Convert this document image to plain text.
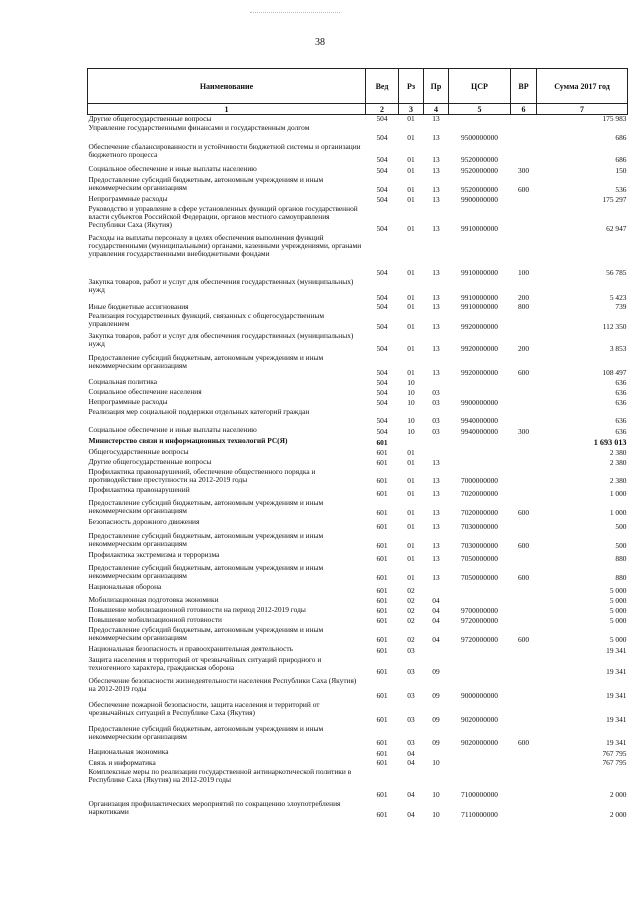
38
Наименование	Вед	Рз	Пр	ЦСР	ВР	Сумма 2017 год
1	2	3	4	5	6	7
Другие общегосударственные вопросы	504	01	13			175 983
Управление государственными финансами и государственным долгом	504	01	13	9500000000		686
Обеспечение сбалансированности и устойчивости бюджетной системы и организации бюджетного процесса	504	01	13	9520000000		686
Социальное обеспечение и иные выплаты населению	504	01	13	9520000000	300	150
Предоставление субсидий бюджетным, автономным учреждениям и иным некоммерческим организациям	504	01	13	9520000000	600	536
Непрограммные расходы	504	01	13	9900000000		175 297
Руководство и управление в сфере установленных функций органов государственной власти субъектов Российской Федерации, органов местного самоуправления Республики Саха (Якутия)	504	01	13	9910000000		62 947
Расходы на выплаты персоналу в целях обеспечения выполнения функций государственными (муниципальными) органами, казенными учреждениями, органами управления государственными внебюджетными фондами	504	01	13	9910000000	100	56 785
Закупка товаров, работ и услуг для обеспечения государственных (муниципальных) нужд	504	01	13	9910000000	200	5 423
Иные бюджетные ассигнования	504	01	13	9910000000	800	739
Реализация государственных функций, связанных с общегосударственным управлением	504	01	13	9920000000		112 350
Закупка товаров, работ и услуг для обеспечения государственных (муниципальных) нужд	504	01	13	9920000000	200	3 853
Предоставление субсидий бюджетным, автономным учреждениям и иным некоммерческим организациям	504	01	13	9920000000	600	108 497
Социальная политика	504	10				636
Социальное обеспечение населения	504	10	03			636
Непрограммные расходы	504	10	03	9900000000		636
Реализация мер социальной поддержки отдельных категорий граждан	504	10	03	9940000000		636
Социальное обеспечение и иные выплаты населению	504	10	03	9940000000	300	636
Министерство связи и информационных технологий РС(Я)	601					1 693 013
Общегосударственные вопросы	601	01				2 380
Другие общегосударственные вопросы	601	01	13			2 380
Профилактика правонарушений, обеспечение общественного порядка и противодействие преступности на 2012-2019 годы	601	01	13	7000000000		2 380
Профилактика правонарушений	601	01	13	7020000000		1 000
Предоставление субсидий бюджетным, автономным учреждениям и иным некоммерческим организациям	601	01	13	7020000000	600	1 000
Безопасность дорожного движения	601	01	13	7030000000		500
Предоставление субсидий бюджетным, автономным учреждениям и иным некоммерческим организациям	601	01	13	7030000000	600	500
Профилактика экстремизма и терроризма	601	01	13	7050000000		880
Предоставление субсидий бюджетным, автономным учреждениям и иным некоммерческим организациям	601	01	13	7050000000	600	880
Национальная оборона	601	02				5 000
Мобилизационная подготовка экономики	601	02	04			5 000
Повышение мобилизационной готовности на период 2012-2019 годы	601	02	04	9700000000		5 000
Повышение мобилизационной готовности	601	02	04	9720000000		5 000
Предоставление субсидий бюджетным, автономным учреждениям и иным некоммерческим организациям	601	02	04	9720000000	600	5 000
Национальная безопасность и правоохранительная деятельность	601	03				19 341
Защита населения и территорий от чрезвычайных ситуаций природного и техногенного характера, гражданская оборона	601	03	09			19 341
Обеспечение безопасности жизнедеятельности населения Республики Саха (Якутия) на 2012-2019 годы	601	03	09	9000000000		19 341
Обеспечение пожарной безопасности, защита населения и территорий от чрезвычайных ситуаций в Республике Саха (Якутия)	601	03	09	9020000000		19 341
Предоставление субсидий бюджетным, автономным учреждениям и иным некоммерческим организациям	601	03	09	9020000000	600	19 341
Национальная экономика	601	04				767 795
Связь и информатика	601	04	10			767 795
Комплексные меры по реализации государственной антинаркотической политики в Республике Саха (Якутия) на 2012-2019 годы	601	04	10	7100000000		2 000
Организация профилактических мероприятий по сокращению злоупотребления наркотиками	601	04	10	7110000000		2 000
